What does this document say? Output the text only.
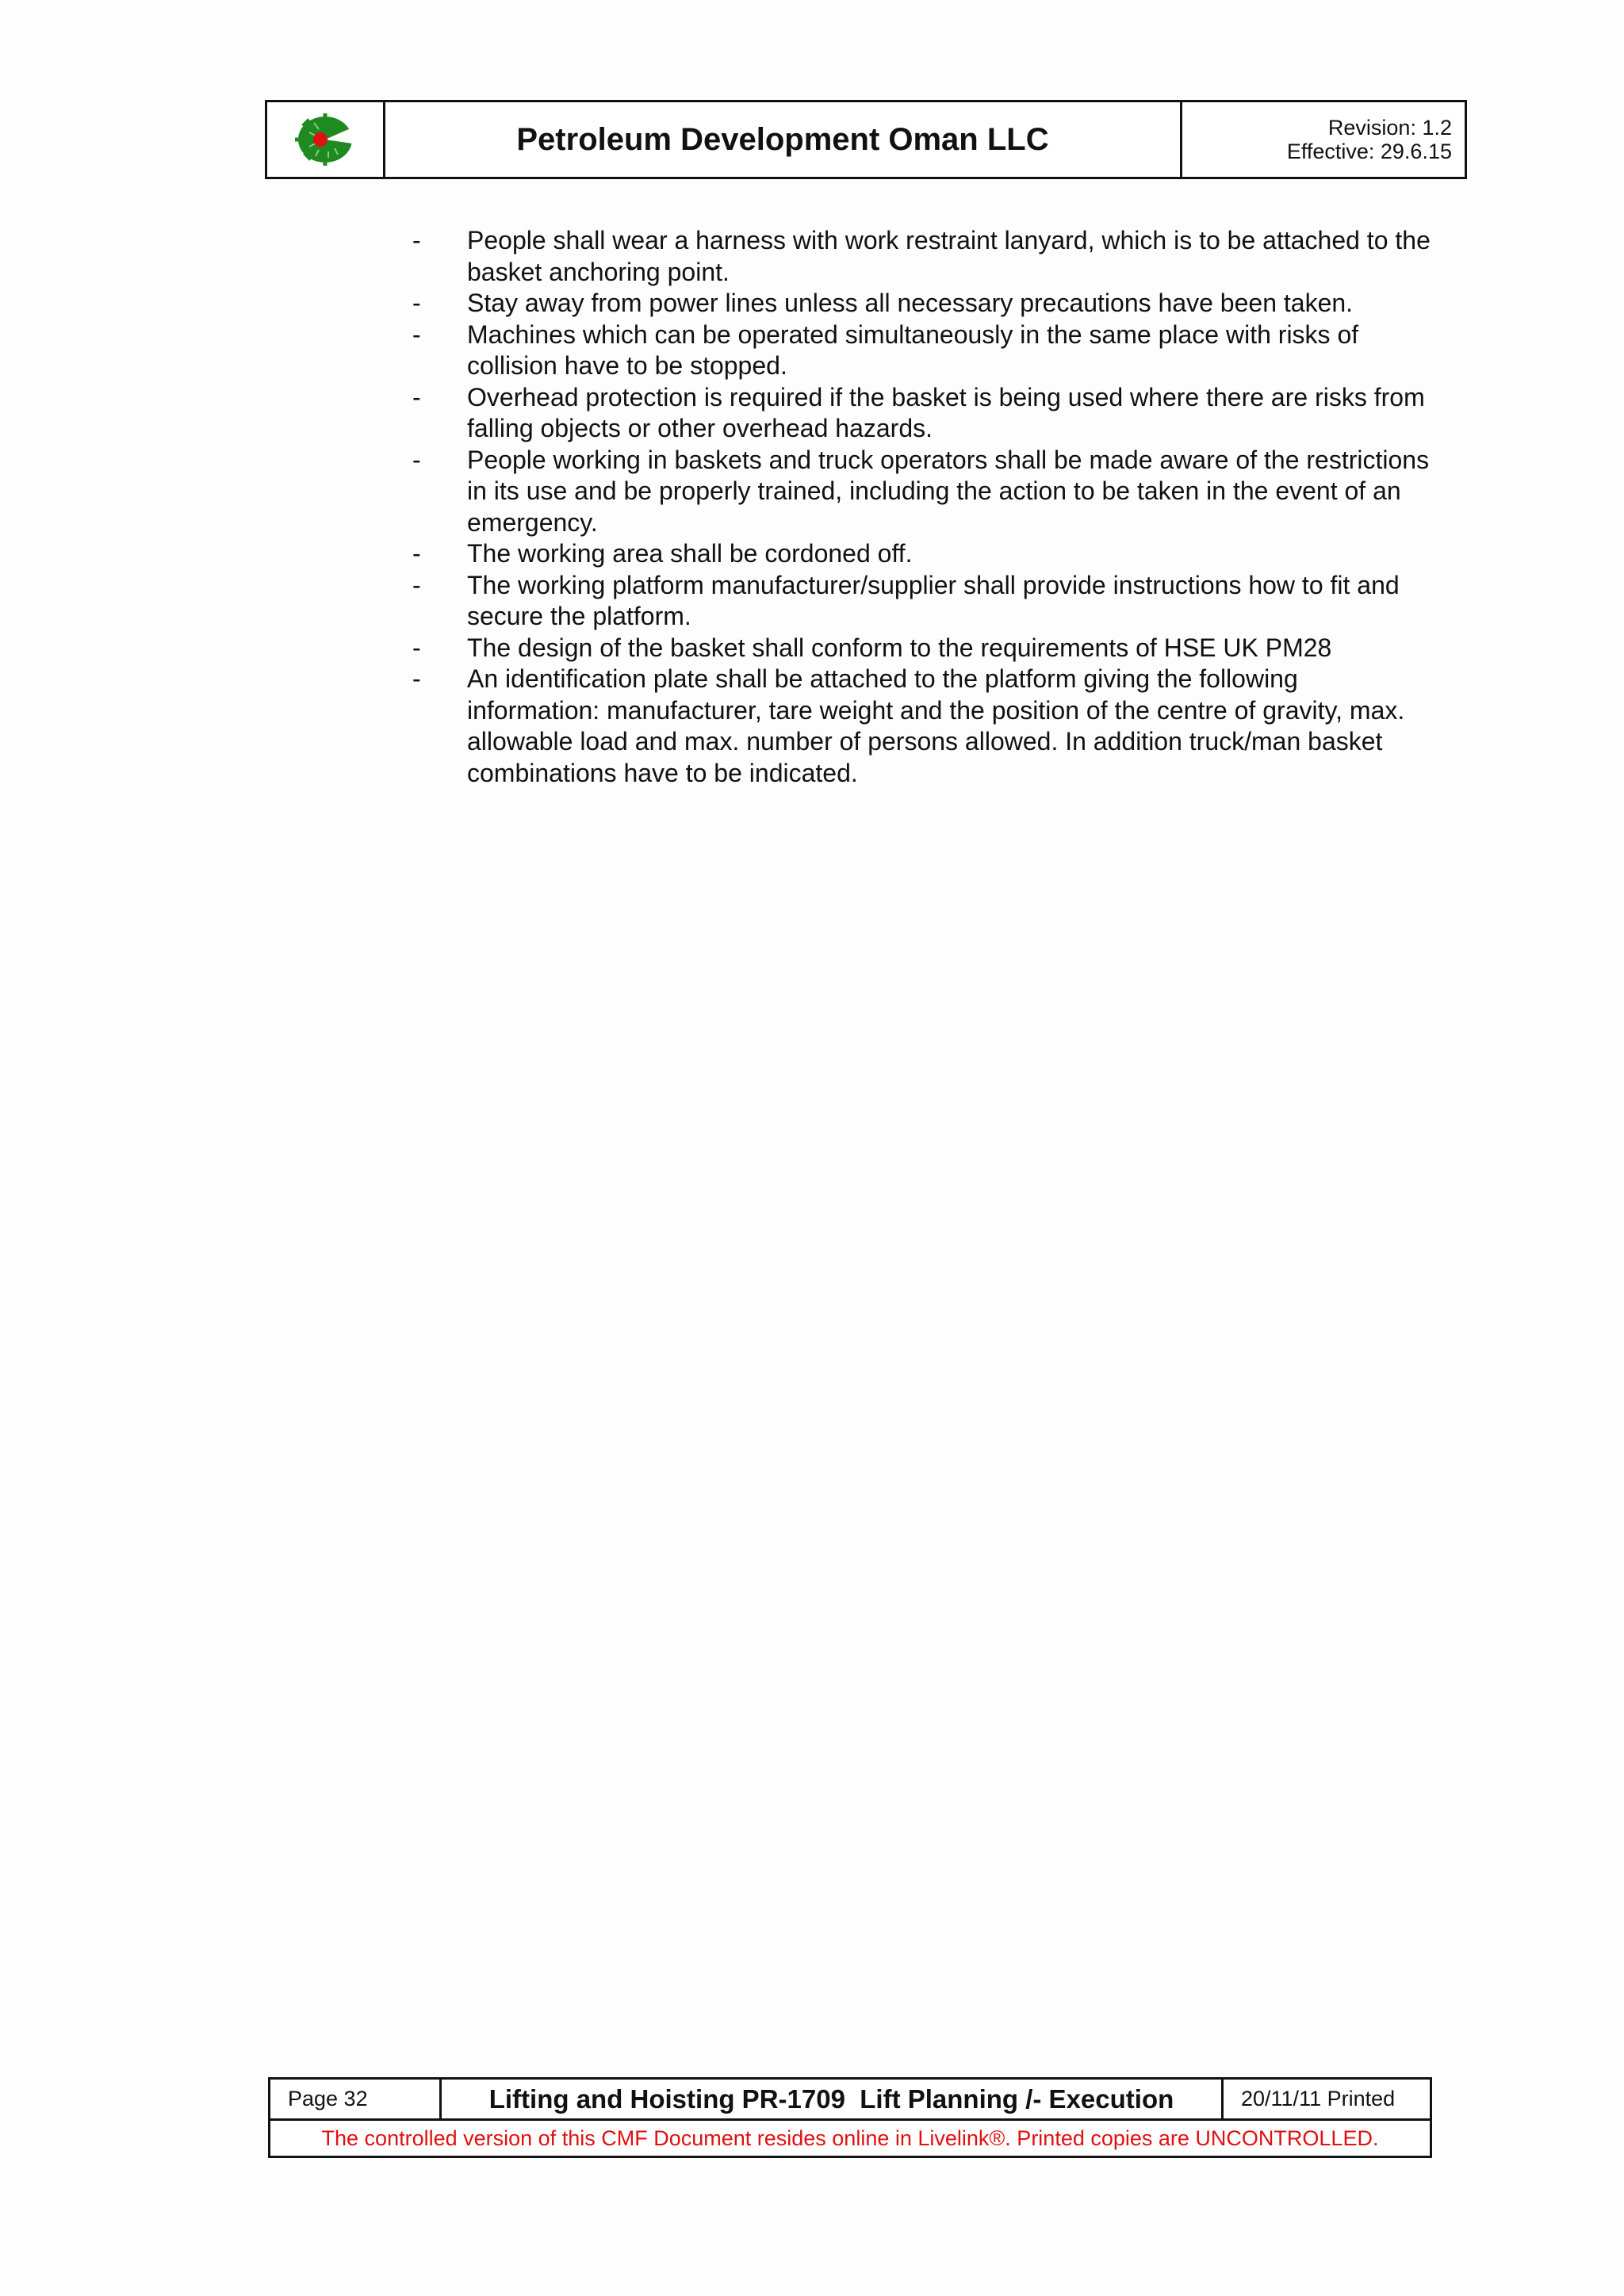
Petroleum Development Oman LLC	Revision: 1.2
Effective: 29.6.15
-	People shall wear a harness with work restraint lanyard, which is to be attached to the basket anchoring point.
-	Stay away from power lines unless all necessary precautions have been taken.
-	Machines which can be operated simultaneously in the same place with risks of collision have to be stopped.
-	Overhead protection is required if the basket is being used where there are risks from falling objects or other overhead hazards.
-	People working in baskets and truck operators shall be made aware of the restrictions in its use and be properly trained, including the action to be taken in the event of an emergency.
-	The working area shall be cordoned off.
-	The working platform manufacturer/supplier shall provide instructions how to fit and secure the platform.
-	The design of the basket shall conform to the requirements of HSE UK PM28
-	An identification plate shall be attached to the platform giving the following information: manufacturer, tare weight and the position of the centre of gravity, max. allowable load and max. number of persons allowed. In addition truck/man basket combinations have to be indicated.
Page 32	Lifting and Hoisting PR-1709  Lift Planning /- Execution	20/11/11 Printed
The controlled version of this CMF Document resides online in Livelink®. Printed copies are UNCONTROLLED.
